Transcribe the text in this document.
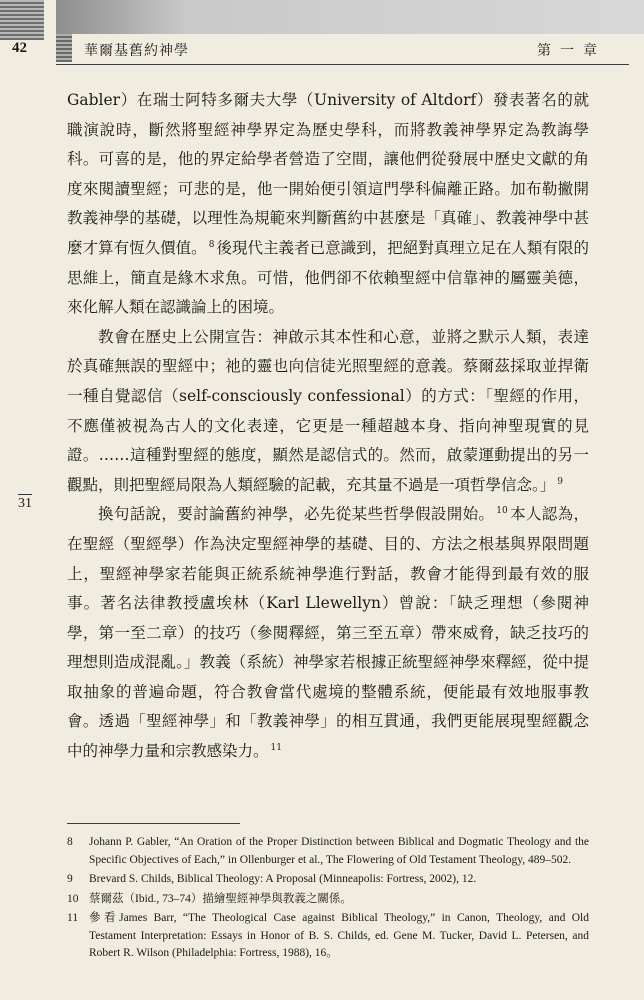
42	華爾基舊約神學	第一章
31

Gabler）在瑞士阿特多爾夫大學（University of Altdorf）發表著名的就職演說時，斷然將聖經神學界定為歷史學科，而將教義神學界定為教誨學科。可喜的是，他的界定給學者營造了空間，讓他們從發展中歷史文獻的角度來閱讀聖經；可悲的是，他一開始便引領這門學科偏離正路。加布勒撇開教義神學的基礎，以理性為規範來判斷舊約中甚麼是「真確」、教義神學中甚麼才算有恆久價值。 $^8$ 後現代主義者已意識到，把絕對真理立足在人類有限的思維上，簡直是緣木求魚。可惜，他們卻不依賴聖經中信靠神的屬靈美德，來化解人類在認識論上的困境。

教會在歷史上公開宣告：神啟示其本性和心意，並將之默示人類，表達於真確無誤的聖經中；祂的靈也向信徒光照聖經的意義。蔡爾茲採取並捍衛一種自覺認信（self-consciously confessional）的方式：「聖經的作用，不應僅被視為古人的文化表達，它更是一種超越本身、指向神聖現實的見證。……這種對聖經的態度，顯然是認信式的。然而，啟蒙運動提出的另一觀點，則把聖經局限為人類經驗的記載，充其量不過是一項哲學信念。」 $^9$

換句話說，要討論舊約神學，必先從某些哲學假設開始。 $^{10}$ 本人認為，在聖經（聖經學）作為決定聖經神學的基礎、目的、方法之根基與界限問題上，聖經神學家若能與正統系統神學進行對話，教會才能得到最有效的服事。著名法律教授盧埃林（Karl Llewellyn）曾說：「缺乏理想（參閱神學，第一至二章）的技巧（參閱釋經，第三至五章）帶來威脅，缺乏技巧的理想則造成混亂。」教義（系統）神學家若根據正統聖經神學來釋經，從中提取抽象的普遍命題，符合教會當代處境的整體系統，便能最有效地服事教會。透過「聖經神學」和「教義神學」的相互貫通，我們更能展現聖經觀念中的神學力量和宗教感染力。 $^{11}$

8	Johann P. Gabler, “An Oration of the Proper Distinction between Biblical and Dogmatic Theology and the Specific Objectives of Each,” in Ollenburger et al., The Flowering of Old Testament Theology, 489–502.
9	Brevard S. Childs, Biblical Theology: A Proposal (Minneapolis: Fortress, 2002), 12.
10 蔡爾茲（Ibid., 73–74）描繪聖經神學與教義之關係。
11 參看James Barr, “The Theological Case against Biblical Theology,” in Canon, Theology, and Old Testament Interpretation: Essays in Honor of B. S. Childs, ed. Gene M. Tucker, David L. Petersen, and Robert R. Wilson (Philadelphia: Fortress, 1988), 16。
